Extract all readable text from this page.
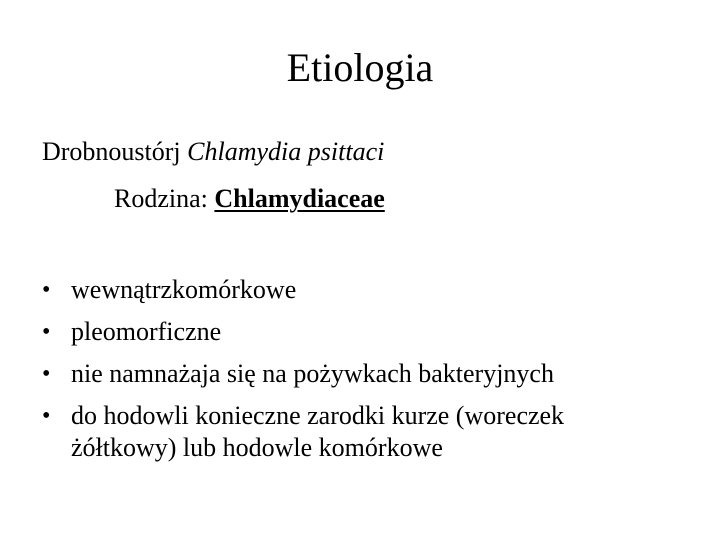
Etiologia
Drobnoustórj Chlamydia psittaci
Rodzina: Chlamydiaceae
• wewnątrzkomórkowe
• pleomorficzne
• nie namnażaja się na pożywkach bakteryjnych
• do hodowli konieczne zarodki kurze (woreczek
żółtkowy) lub hodowle komórkowe
